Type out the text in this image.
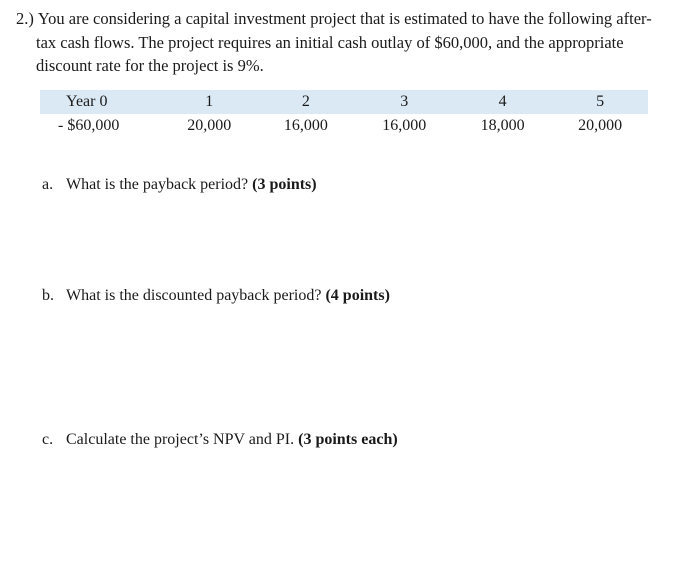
2.) You are considering a capital investment project that is estimated to have the following after-
tax cash flows. The project requires an initial cash outlay of $60,000, and the appropriate
discount rate for the project is 9%.
Year 0	1	2	3	4	5
- $60,000	20,000	16,000	16,000	18,000	20,000
a. What is the payback period? (3 points)
b. What is the discounted payback period? (4 points)
c. Calculate the project’s NPV and PI. (3 points each)
